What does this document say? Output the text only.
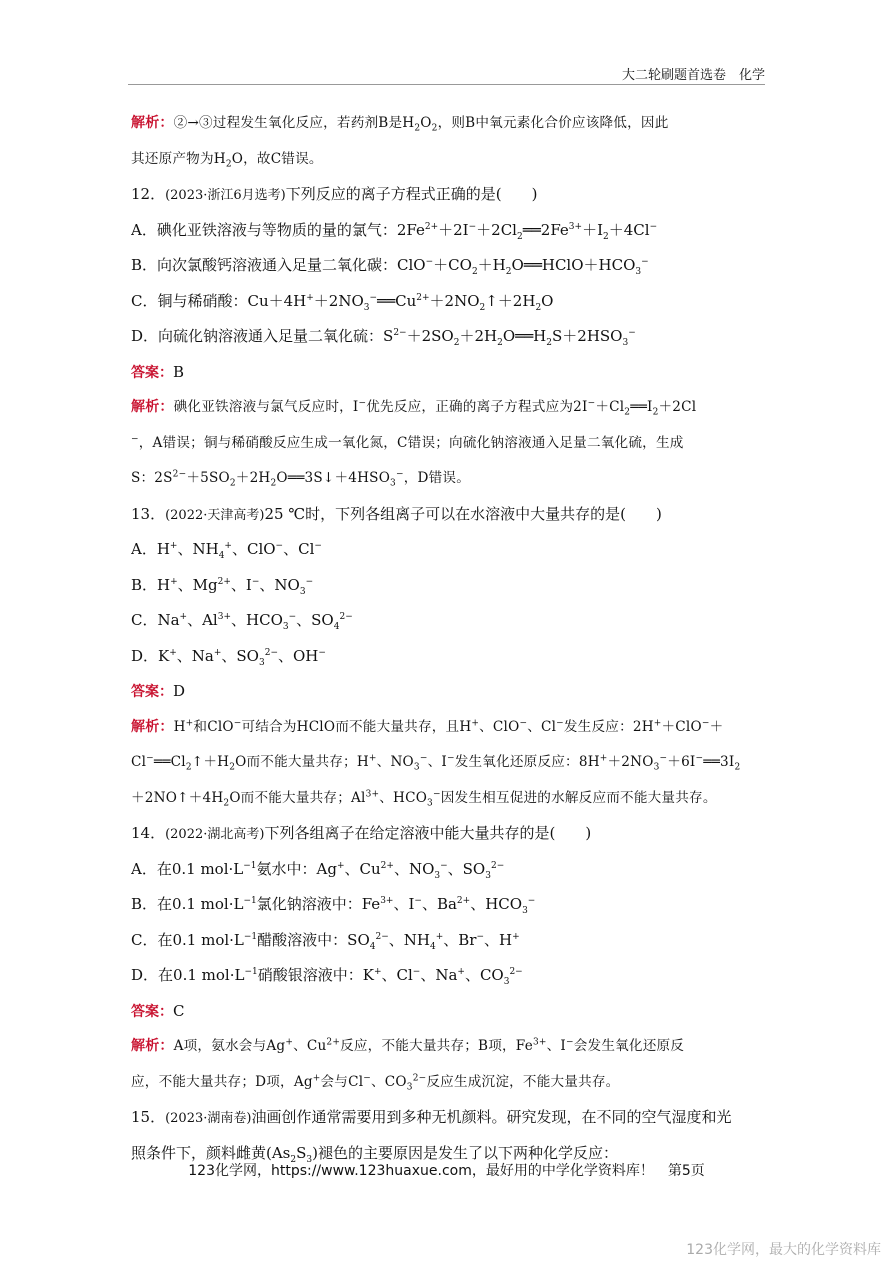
大二轮刷题首选卷　化学
解析：②→③过程发生氧化反应，若药剂B是$H_2O_2$，则B中氧元素化合价应该降低，因此
其还原产物为$H_2O$，故C错误。
12．(2023·浙江6月选考)下列反应的离子方程式正确的是(　　)
A．碘化亚铁溶液与等物质的量的氯气：$2Fe^{2+}+2I^-+2Cl_2══2Fe^{3+}+I_2+4Cl^-$
B．向次氯酸钙溶液通入足量二氧化碳：$ClO^-+CO_2+H_2O══HClO+HCO_3^-$
C．铜与稀硝酸：$Cu+4H^++2NO_3^-══Cu^{2+}+2NO_2↑+2H_2O$
D．向硫化钠溶液通入足量二氧化硫：$S^{2-}+2SO_2+2H_2O══H_2S+2HSO_3^-$
答案：B
解析：碘化亚铁溶液与氯气反应时，I−优先反应，正确的离子方程式应为$2I^-+Cl_2══I_2+2Cl$
−，A错误；铜与稀硝酸反应生成一氧化氮，C错误；向硫化钠溶液通入足量二氧化硫，生成
S：$2S^{2-}+5SO_2+2H_2O══3S↓+4HSO_3^-$，D错误。
13．(2022·天津高考)25 ℃时，下列各组离子可以在水溶液中大量共存的是(　　)
A．H+、$NH_4^+$、ClO−、Cl−
B．H+、$Mg^{2+}$、I−、$NO_3^-$
C．Na+、$Al^{3+}$、$HCO_3^-$、$SO_4^{2-}$
D．K+、Na+、$SO_3^{2-}$、OH−
答案：D
解析：H+和ClO−可结合为HClO而不能大量共存，且H+、ClO−、Cl−发生反应：2H+＋ClO−＋
$Cl^-══Cl_2↑+H_2O$而不能大量共存；H+、$NO_3^-$、I−发生氧化还原反应：$8H^++2NO_3^-+6I^-══3I_2$
$+2NO↑+4H_2O$而不能大量共存；$Al^{3+}$、$HCO_3^-$因发生相互促进的水解反应而不能大量共存。
14．(2022·湖北高考)下列各组离子在给定溶液中能大量共存的是(　　)
A．在0.1 $mol\cdot L^{-1}$氨水中：Ag+、$Cu^{2+}$、$NO_3^-$、$SO_3^{2-}$
B．在0.1 $mol\cdot L^{-1}$氯化钠溶液中：$Fe^{3+}$、I−、$Ba^{2+}$、$HCO_3^-$
C．在0.1 $mol\cdot L^{-1}$醋酸溶液中：$SO_4^{2-}$、$NH_4^+$、Br−、H+
D．在0.1 $mol\cdot L^{-1}$硝酸银溶液中：K+、Cl−、Na+、$CO_3^{2-}$
答案：C
解析：A项，氨水会与Ag+、$Cu^{2+}$反应，不能大量共存；B项，$Fe^{3+}$、I−会发生氧化还原反
应，不能大量共存；D项，Ag+会与Cl−、$CO_3^{2-}$反应生成沉淀，不能大量共存。
15．(2023·湖南卷)油画创作通常需要用到多种无机颜料。研究发现，在不同的空气湿度和光
照条件下，颜料雌黄$(As_2S_3)$褪色的主要原因是发生了以下两种化学反应：
123化学网，https://www.123huaxue.com，最好用的中学化学资料库！　第5页
123化学网，最大的化学资料库
